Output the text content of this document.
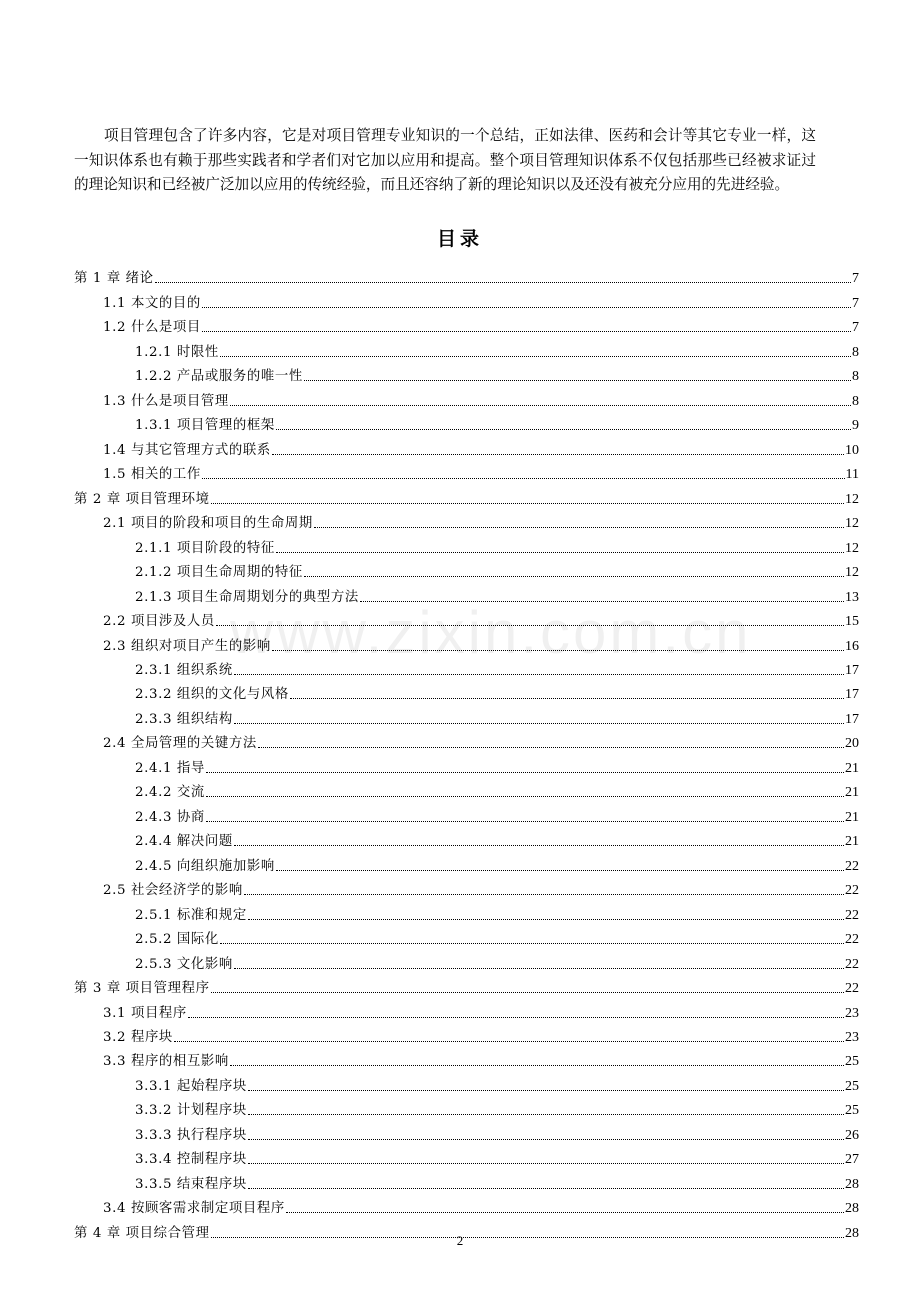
项目管理包含了许多内容，它是对项目管理专业知识的一个总结，正如法律、医药和会计等其它专业一样，这一知识体系也有赖于那些实践者和学者们对它加以应用和提高。整个项目管理知识体系不仅包括那些已经被求证过的理论知识和已经被广泛加以应用的传统经验，而且还容纳了新的理论知识以及还没有被充分应用的先进经验。

目录
www.zixin.com.cn
第 1 章 绪论	7
1.1 本文的目的	7
1.2 什么是项目	7
1.2.1 时限性	8
1.2.2 产品或服务的唯一性	8
1.3 什么是项目管理	8
1.3.1 项目管理的框架	9
1.4 与其它管理方式的联系	10
1.5 相关的工作	11
第 2 章 项目管理环境	12
2.1 项目的阶段和项目的生命周期	12
2.1.1 项目阶段的特征	12
2.1.2 项目生命周期的特征	12
2.1.3 项目生命周期划分的典型方法	13
2.2 项目涉及人员	15
2.3 组织对项目产生的影响	16
2.3.1 组织系统	17
2.3.2 组织的文化与风格	17
2.3.3 组织结构	17
2.4 全局管理的关键方法	20
2.4.1 指导	21
2.4.2 交流	21
2.4.3 协商	21
2.4.4 解决问题	21
2.4.5 向组织施加影响	22
2.5 社会经济学的影响	22
2.5.1 标准和规定	22
2.5.2 国际化	22
2.5.3 文化影响	22
第 3 章 项目管理程序	22
3.1 项目程序	23
3.2 程序块	23
3.3 程序的相互影响	25
3.3.1 起始程序块	25
3.3.2 计划程序块	25
3.3.3 执行程序块	26
3.3.4 控制程序块	27
3.3.5 结束程序块	28
3.4 按顾客需求制定项目程序	28
第 4 章 项目综合管理	28

2
